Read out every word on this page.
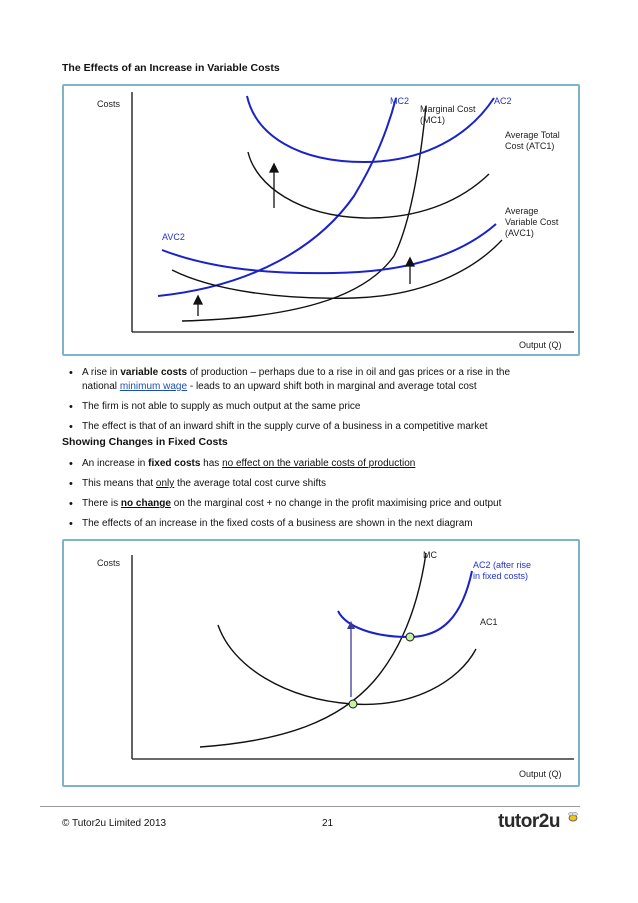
The Effects of an Increase in Variable Costs
Costs	MC2
Marginal Cost
(MC1)
AC2
Average Total
Cost (ATC1)
Average
Variable Cost
(AVC1)
AVC2
Output (Q)
• A rise in variable costs of production – perhaps due to a rise in oil and gas prices or a rise in the
national minimum wage - leads to an upward shift both in marginal and average total cost
• The firm is not able to supply as much output at the same price
• The effect is that of an inward shift in the supply curve of a business in a competitive market
Showing Changes in Fixed Costs
• An increase in fixed costs has no effect on the variable costs of production
• This means that only the average total cost curve shifts
• There is no change on the marginal cost + no change in the profit maximising price and output
• The effects of an increase in the fixed costs of a business are shown in the next diagram
Costs
MC
AC2 (after rise
in fixed costs)
AC1
Output (Q)
© Tutor2u Limited 2013	21	tutor2u
